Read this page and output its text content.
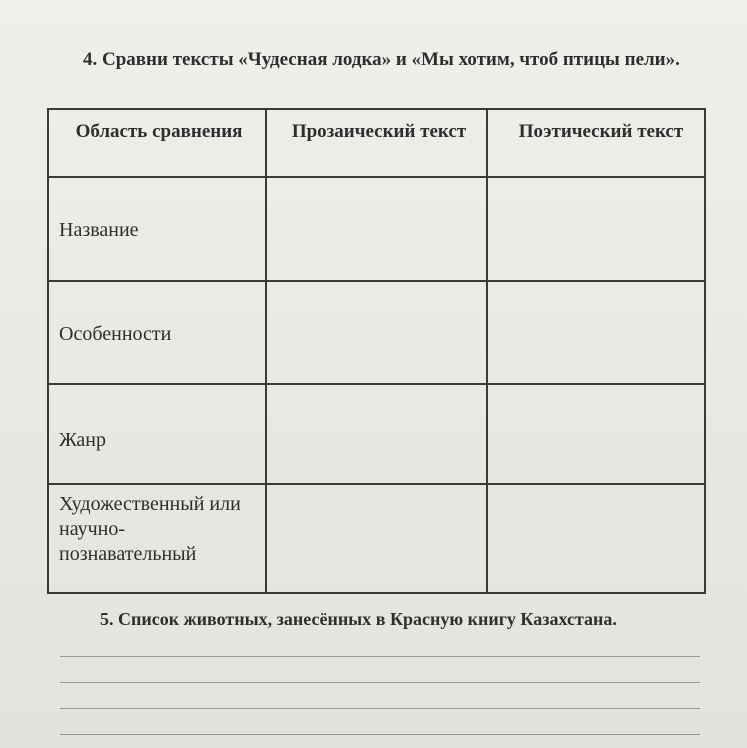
4. Сравни тексты «Чудесная лодка» и «Мы хотим, чтоб птицы пели».
Область сравнения	Прозаический текст	Поэтический текст
Название
Особенности
Жанр
Художественный или научно-познавательный
5. Список животных, занесённых в Красную книгу Казахстана.
